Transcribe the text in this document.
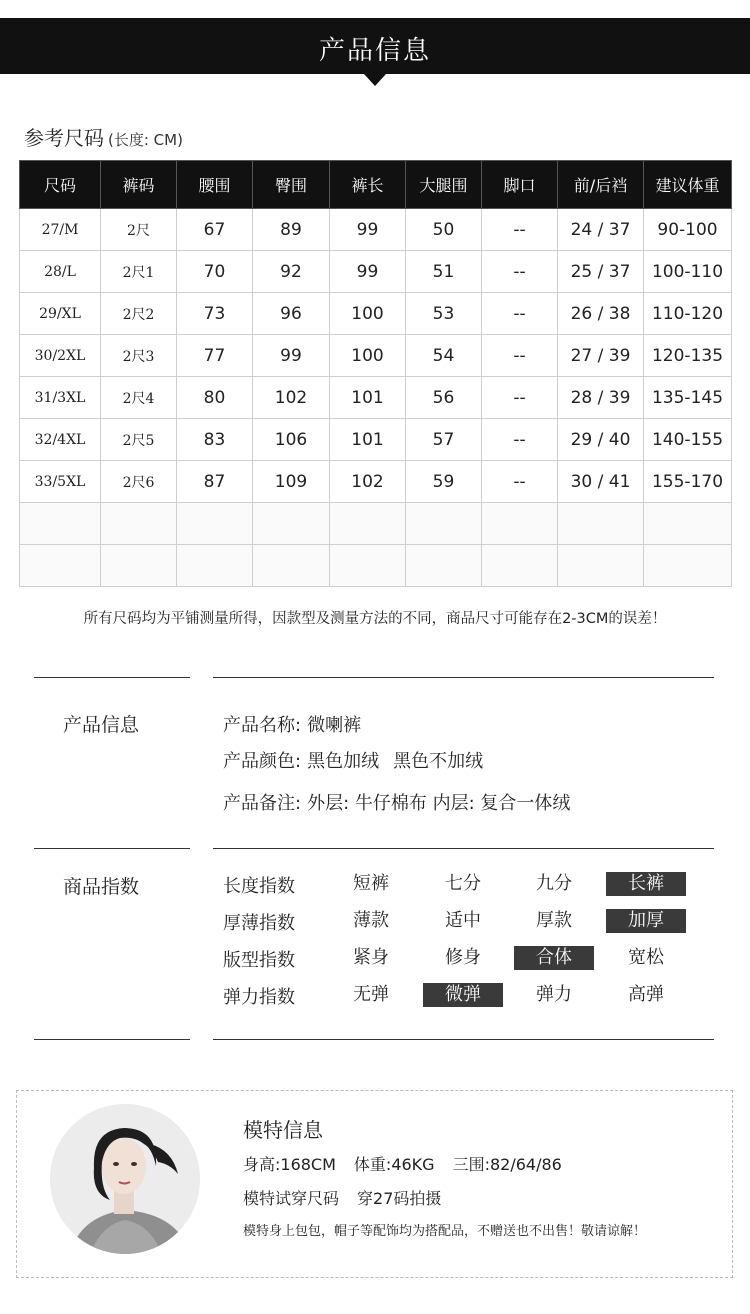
产品信息
参考尺码 (长度: CM)
尺码	裤码	腰围	臀围	裤长	大腿围	脚口	前/后裆	建议体重
27/M	2尺	67	89	99	50	--	24 / 37	90-100
28/L	2尺1	70	92	99	51	--	25 / 37	100-110
29/XL	2尺2	73	96	100	53	--	26 / 38	110-120
30/2XL	2尺3	77	99	100	54	--	27 / 39	120-135
31/3XL	2尺4	80	102	101	56	--	28 / 39	135-145
32/4XL	2尺5	83	106	101	57	--	29 / 40	140-155
33/5XL	2尺6	87	109	102	59	--	30 / 41	155-170

所有尺码均为平铺测量所得，因款型及测量方法的不同，商品尺寸可能存在2-3CM的误差！
产品信息	产品名称: 微喇裤
产品颜色: 黑色加绒 黑色不加绒
产品备注: 外层: 牛仔棉布 内层: 复合一体绒
商品指数	长度指数	短裤	七分	九分	长裤
厚薄指数	薄款	适中	厚款	加厚
版型指数	紧身	修身	合体	宽松
弹力指数	无弹	微弹	弹力	高弹
模特信息
身高:168CM 体重:46KG 三围:82/64/86
模特试穿尺码 穿27码拍摄
模特身上包包，帽子等配饰均为搭配品，不赠送也不出售！敬请谅解！
